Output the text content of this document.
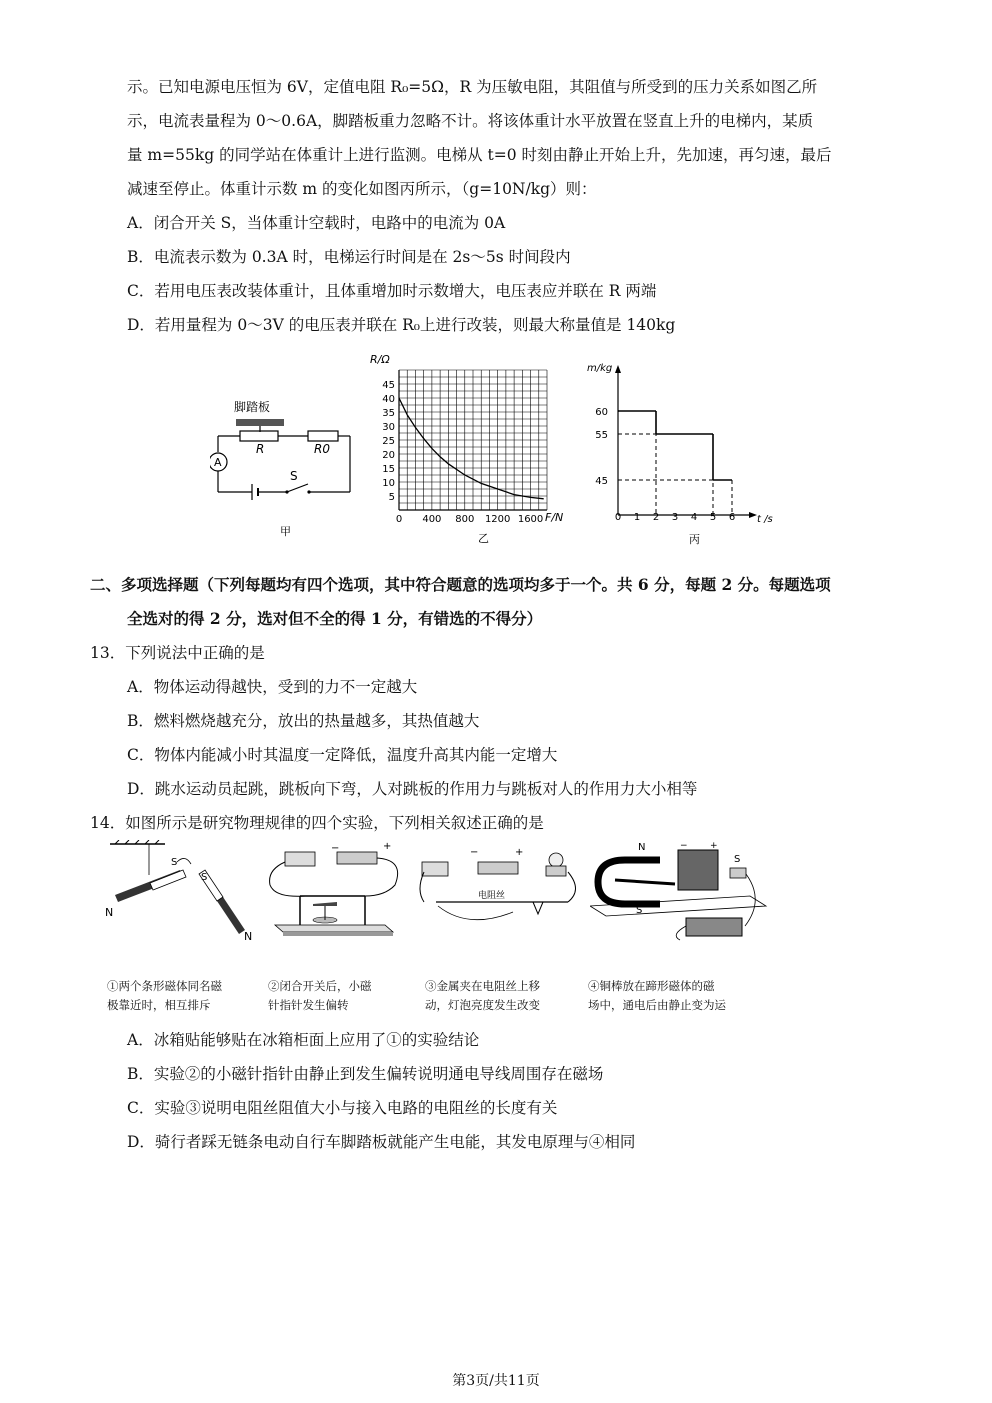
示。已知电源电压恒为 6V，定值电阻 R₀=5Ω，R 为压敏电阻，其阻值与所受到的压力关系如图乙所
示，电流表量程为 0～0.6A，脚踏板重力忽略不计。将该体重计水平放置在竖直上升的电梯内，某质
量 m=55kg 的同学站在体重计上进行监测。电梯从 t=0 时刻由静止开始上升，先加速，再匀速，最后
减速至停止。体重计示数 m 的变化如图丙所示，（g=10N/kg）则：
A．闭合开关 S，当体重计空载时，电路中的电流为 0A
B．电流表示数为 0.3A 时，电梯运行时间是在 2s～5s 时间段内
C．若用电压表改装体重计，且体重增加时示数增大，电压表应并联在 R 两端
D．若用量程为 0～3V 的电压表并联在 R₀上进行改装，则最大称量值是 140kg
脚踏板
R	R0
A
S
甲
R/Ω
5
10
15
20
25
30
35
40
45
0 400 800 1200 1600 F/N
乙
m/kg
45
55
60
0 1 2 3 4 5 6 t /s
丙
二、多项选择题（下列每题均有四个选项，其中符合题意的选项均多于一个。共 6 分，每题 2 分。每题选项
全选对的得 2 分，选对但不全的得 1 分，有错选的不得分）
13．下列说法中正确的是
A．物体运动得越快，受到的力不一定越大
B．燃料燃烧越充分，放出的热量越多，其热值越大
C．物体内能减小时其温度一定降低，温度升高其内能一定增大
D．跳水运动员起跳，跳板向下弯，人对跳板的作用力与跳板对人的作用力大小相等
14．如图所示是研究物理规律的四个实验，下列相关叙述正确的是
N
S
S
N
−	+
−	+
电阻丝
N
S
− +
S
①两个条形磁体同名磁
极靠近时，相互排斥
②闭合开关后，小磁
针指针发生偏转
③金属夹在电阻丝上移
动，灯泡亮度发生改变
④铜棒放在蹄形磁体的磁
场中，通电后由静止变为运
A．冰箱贴能够贴在冰箱柜面上应用了①的实验结论
B．实验②的小磁针指针由静止到发生偏转说明通电导线周围存在磁场
C．实验③说明电阻丝阻值大小与接入电路的电阻丝的长度有关
D．骑行者踩无链条电动自行车脚踏板就能产生电能，其发电原理与④相同
第3页/共11页
